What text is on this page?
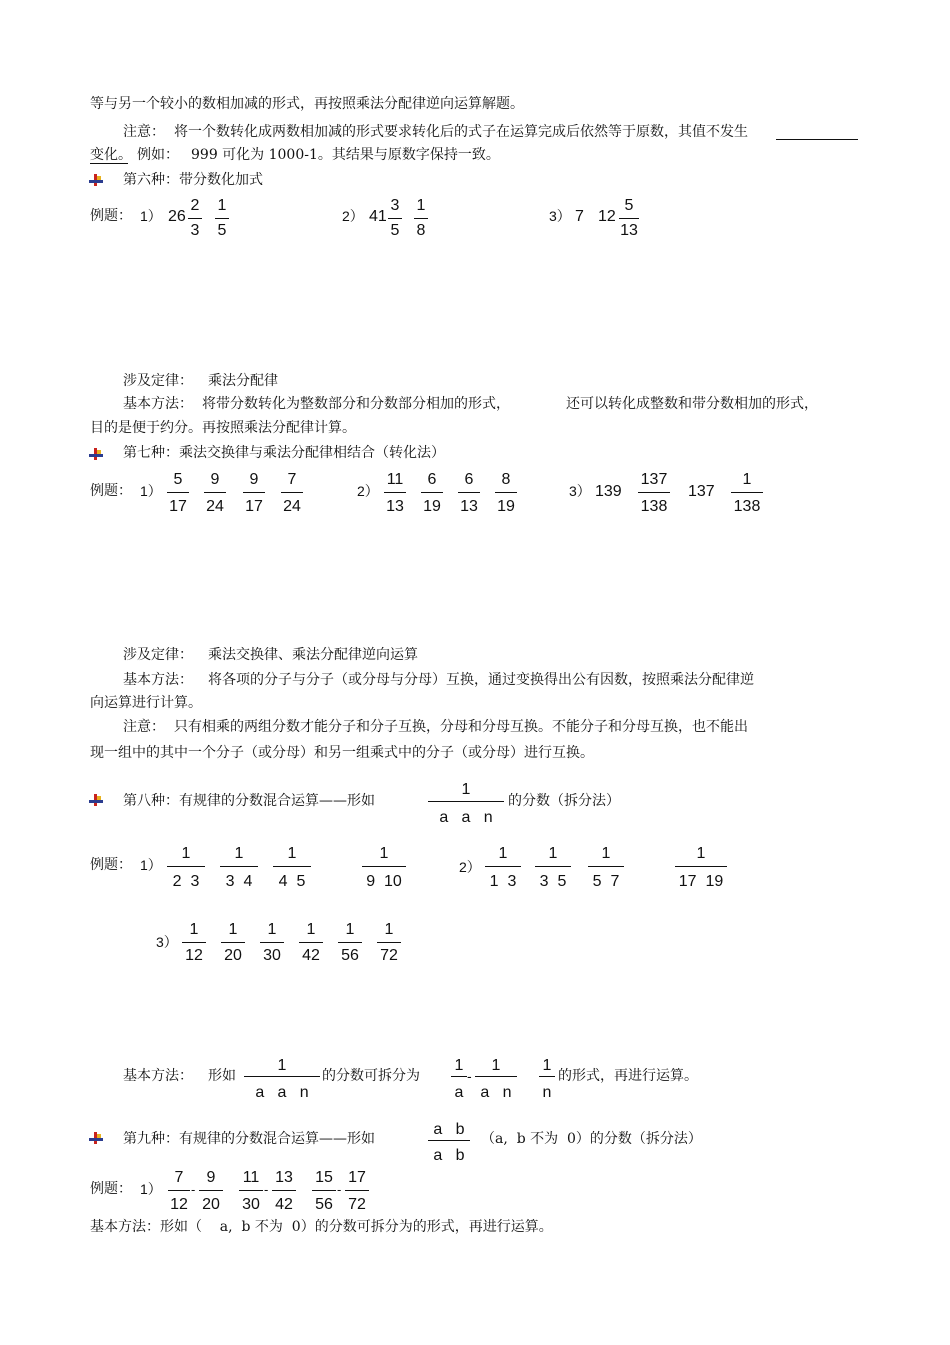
等与另一个较小的数相加减的形式，再按照乘法分配律逆向运算解题。
注意： 将一个数转化成两数相加减的形式要求转化后的式子在运算完成后依然等于原数，其值不发生
变化。 例如： 999 可化为 1000-1。其结果与原数字保持一致。
第六种：带分数化加式
例题： 1） 26
2
3
1
5
2） 41
3
5
1
8
3） 7 12
5
13
涉及定律： 乘法分配律
基本方法： 将带分数转化为整数部分和分数部分相加的形式，	还可以转化成整数和带分数相加的形式，
目的是便于约分。再按照乘法分配律计算。
第七种：乘法交换律与乘法分配律相结合（转化法）
例题： 1）
5
17
9
24
9
17
7
24
2）
11
13
6
19
6
13
8
19
3） 139
137
138
137
1
138
涉及定律： 乘法交换律、乘法分配律逆向运算
基本方法： 将各项的分子与分子（或分母与分母）互换，通过变换得出公有因数，按照乘法分配律逆
向运算进行计算。
注意： 只有相乘的两组分数才能分子和分子互换，分母和分母互换。不能分子和分母互换，也不能出
现一组中的其中一个分子（或分母）和另一组乘式中的分子（或分母）进行互换。
第八种：有规律的分数混合运算——形如
1
a   a   n
的分数（拆分法）
例题： 1）
1
2  3
1
3  4
1
4  5
1
9  10
2）
1
1  3
1
3  5
1
5  7
1
17  19
3）
1
12
1
20
1
30
1
42
1
56
1
72
基本方法： 形如
1
a   a   n
的分数可拆分为
1
a
-
1
a   n
1
n
的形式，再进行运算。
第九种：有规律的分数混合运算——形如
a   b
a   b
（a,  b 不为  0）的分数（拆分法）
例题： 1）
7
12
-
9
20
11
30
-
13
42
15
56
-
17
72
基本方法：形如（    a,  b 不为  0）的分数可拆分为的形式，再进行运算。
